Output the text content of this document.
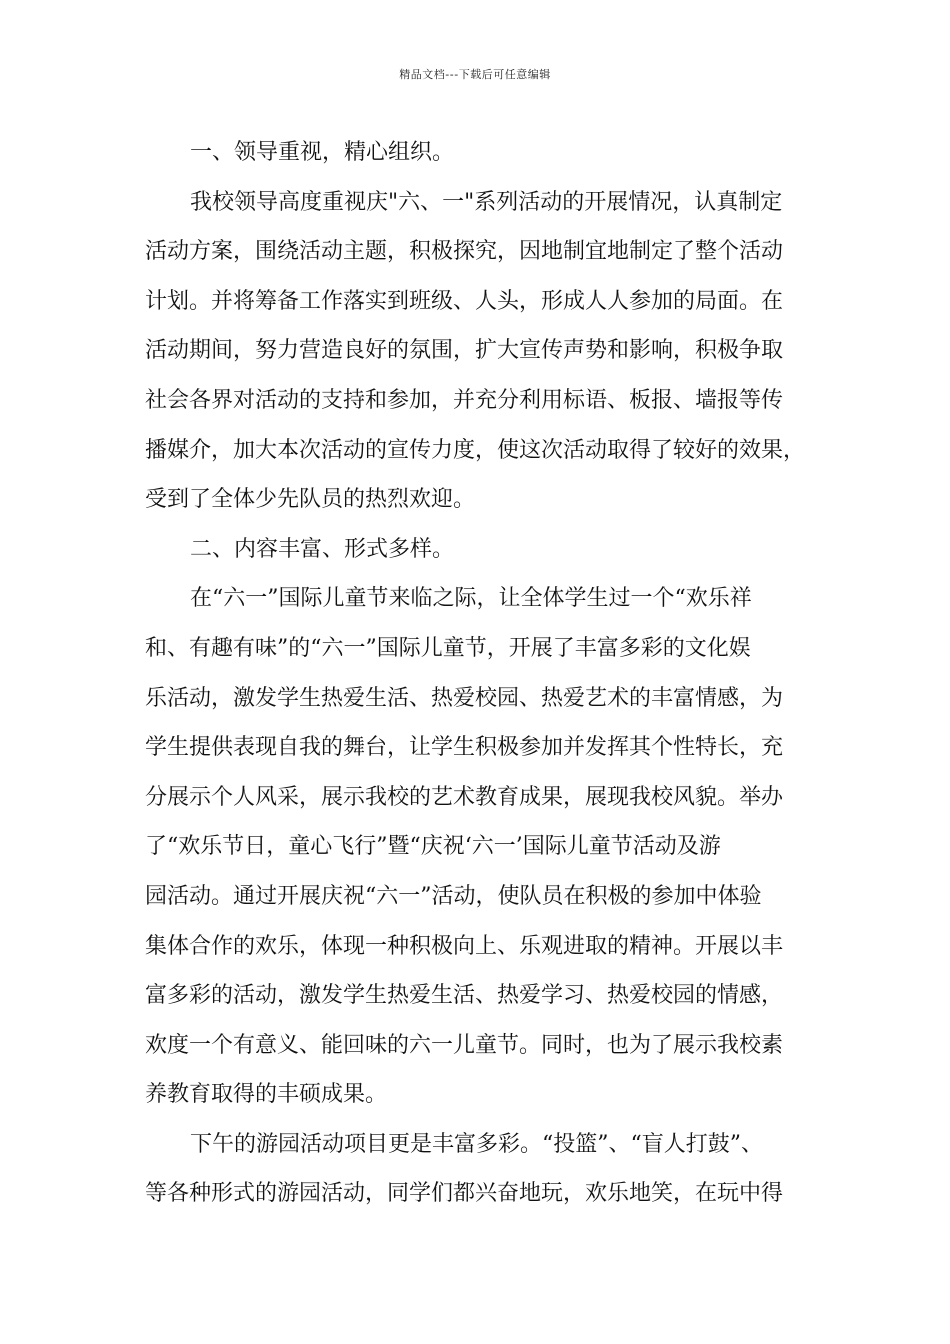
精品文档---下载后可任意编辑
一、领导重视，精心组织。
我校领导高度重视庆"六、一"系列活动的开展情况，认真制定
活动方案，围绕活动主题，积极探究，因地制宜地制定了整个活动
计划。并将筹备工作落实到班级、人头，形成人人参加的局面。在
活动期间，努力营造良好的氛围，扩大宣传声势和影响，积极争取
社会各界对活动的支持和参加，并充分利用标语、板报、墙报等传
播媒介，加大本次活动的宣传力度，使这次活动取得了较好的效果，
受到了全体少先队员的热烈欢迎。
二、内容丰富、形式多样。
在“六一”国际儿童节来临之际，让全体学生过一个“欢乐祥
和、有趣有味”的“六一”国际儿童节，开展了丰富多彩的文化娱
乐活动，激发学生热爱生活、热爱校园、热爱艺术的丰富情感，为
学生提供表现自我的舞台，让学生积极参加并发挥其个性特长，充
分展示个人风采，展示我校的艺术教育成果，展现我校风貌。举办
了“欢乐节日，童心飞行”暨“庆祝‘六一’国际儿童节活动及游
园活动。通过开展庆祝“六一”活动，使队员在积极的参加中体验
集体合作的欢乐，体现一种积极向上、乐观进取的精神。开展以丰
富多彩的活动，激发学生热爱生活、热爱学习、热爱校园的情感，
欢度一个有意义、能回味的六一儿童节。同时，也为了展示我校素
养教育取得的丰硕成果。
下午的游园活动项目更是丰富多彩。“投篮”、“盲人打鼓”、
等各种形式的游园活动，同学们都兴奋地玩，欢乐地笑，在玩中得
